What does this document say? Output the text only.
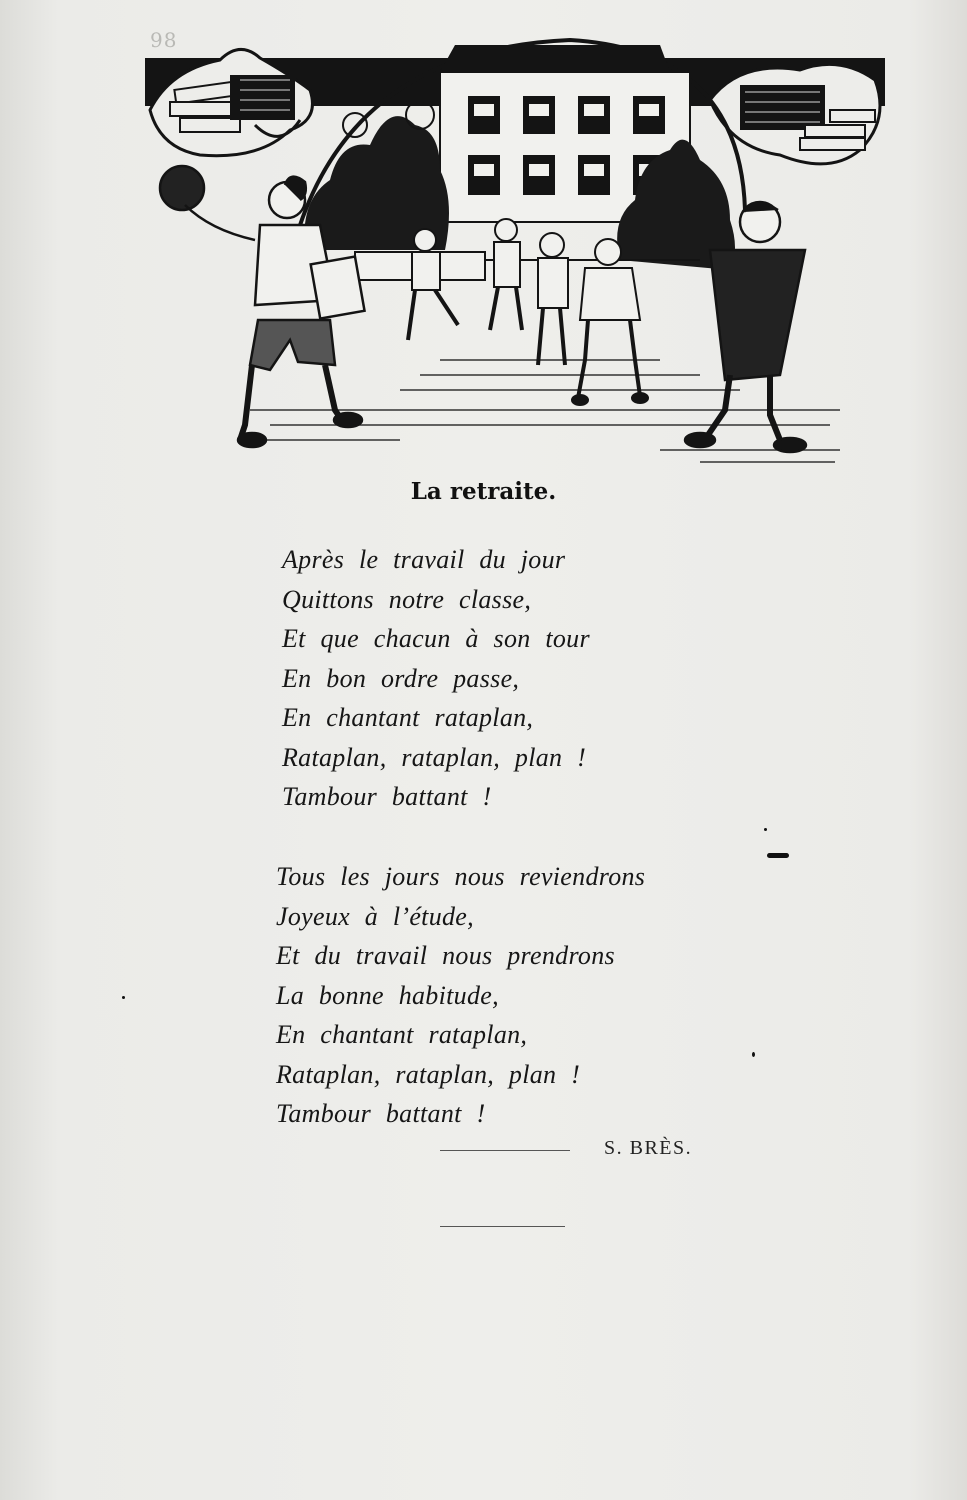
98
La retraite.
Après le travail du jour
Quittons notre classe,
Et que chacun à son tour
En bon ordre passe,
En chantant rataplan,
Rataplan, rataplan, plan !
Tambour battant !
Tous les jours nous reviendrons
Joyeux à l’étude,
Et du travail nous prendrons
La bonne habitude,
En chantant rataplan,
Rataplan, rataplan, plan !
Tambour battant !
S. BRÈS.
